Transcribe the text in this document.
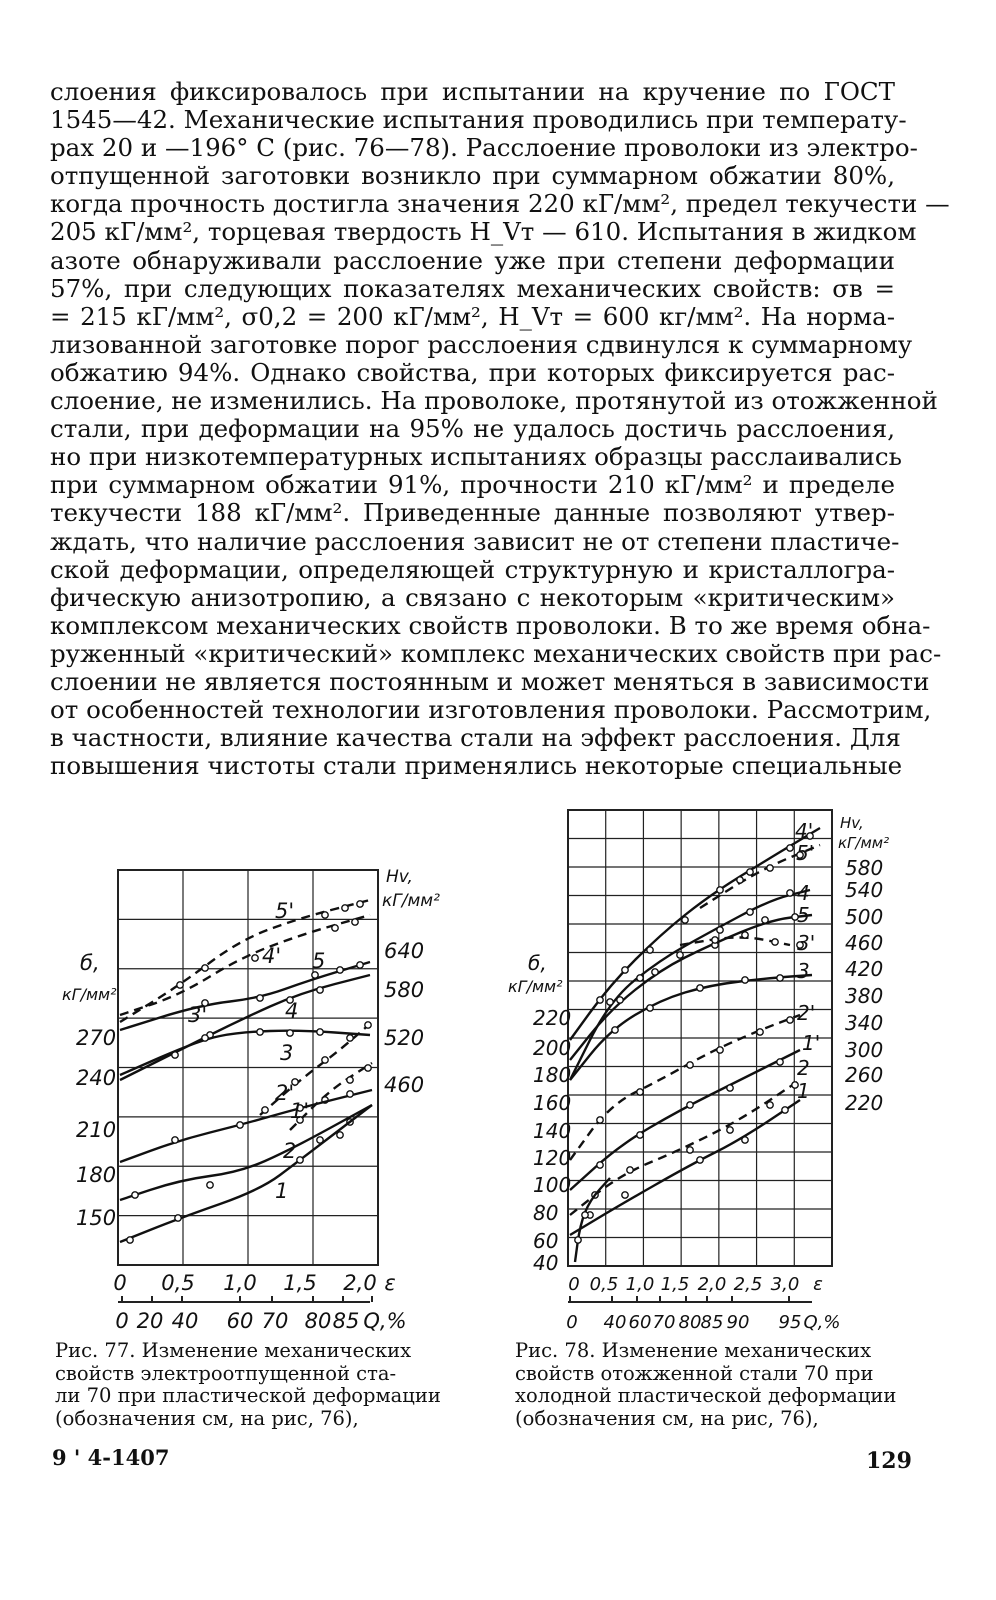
слоения фиксировалось при испытании на кручение по ГОСТ
1545—42. Механические испытания проводились при температу-
рах 20 и —196° С (рис. 76—78). Расслоение проволоки из электро-
отпущенной заготовки возникло при суммарном обжатии 80%,
когда прочность достигла значения 220 кГ/мм², предел текучести —
205 кГ/мм², торцевая твердость H_Vт — 610. Испытания в жидком
азоте обнаруживали расслоение уже при степени деформации
57%, при следующих показателях механических свойств: σв =
= 215 кГ/мм², σ0,2 = 200 кГ/мм², H_Vт = 600 кг/мм². На норма-
лизованной заготовке порог расслоения сдвинулся к суммарному
обжатию 94%. Однако свойства, при которых фиксируется рас-
слоение, не изменились. На проволоке, протянутой из отожженной
стали, при деформации на 95% не удалось достичь расслоения,
но при низкотемпературных испытаниях образцы расслаивались
при суммарном обжатии 91%, прочности 210 кГ/мм² и пределе
текучести 188 кГ/мм². Приведенные данные позволяют утвер-
ждать, что наличие расслоения зависит не от степени пластиче-
ской деформации, определяющей структурную и кристаллогра-
фическую анизотропию, а связано с некоторым «критическим»
комплексом механических свойств проволоки. В то же время обна-
руженный «критический» комплекс механических свойств при рас-
слоении не является постоянным и может меняться в зависимости
от особенностей технологии изготовления проволоки. Рассмотрим,
в частности, влияние качества стали на эффект расслоения. Для
повышения чистоты стали применялись некоторые специальные
270
240
210
180
150
б,
кГ/мм²
640
580
520
460
Hv,
кГ/мм²
0 0,5 1,0 1,5 2,0 ε
0 20 40 60 70 80 85 Q,%
5'
4' 5
3'	4
3
2'
1'
2
1
220
200
180
160
140
120
100
80
60
40
б,
кГ/мм²
580
540
500
460
420
380
340
300
260
220
Hv,
кГ/мм²
0 0,5 1,0 1,5 2,0 2,5 3,0 ε
0 40 60 70 80 85 90 95 Q,%
4'
5'
4
5
3'
3
2'
1'
2
1
Рис. 77. Изменение механических
свойств электроотпущенной ста-
ли 70 при пластической деформации
(обозначения см, на рис, 76),
Рис. 78. Изменение механических
свойств отожженной стали 70 при
холодной пластической деформации
(обозначения см, на рис, 76),
9 ' 4-1407	129
